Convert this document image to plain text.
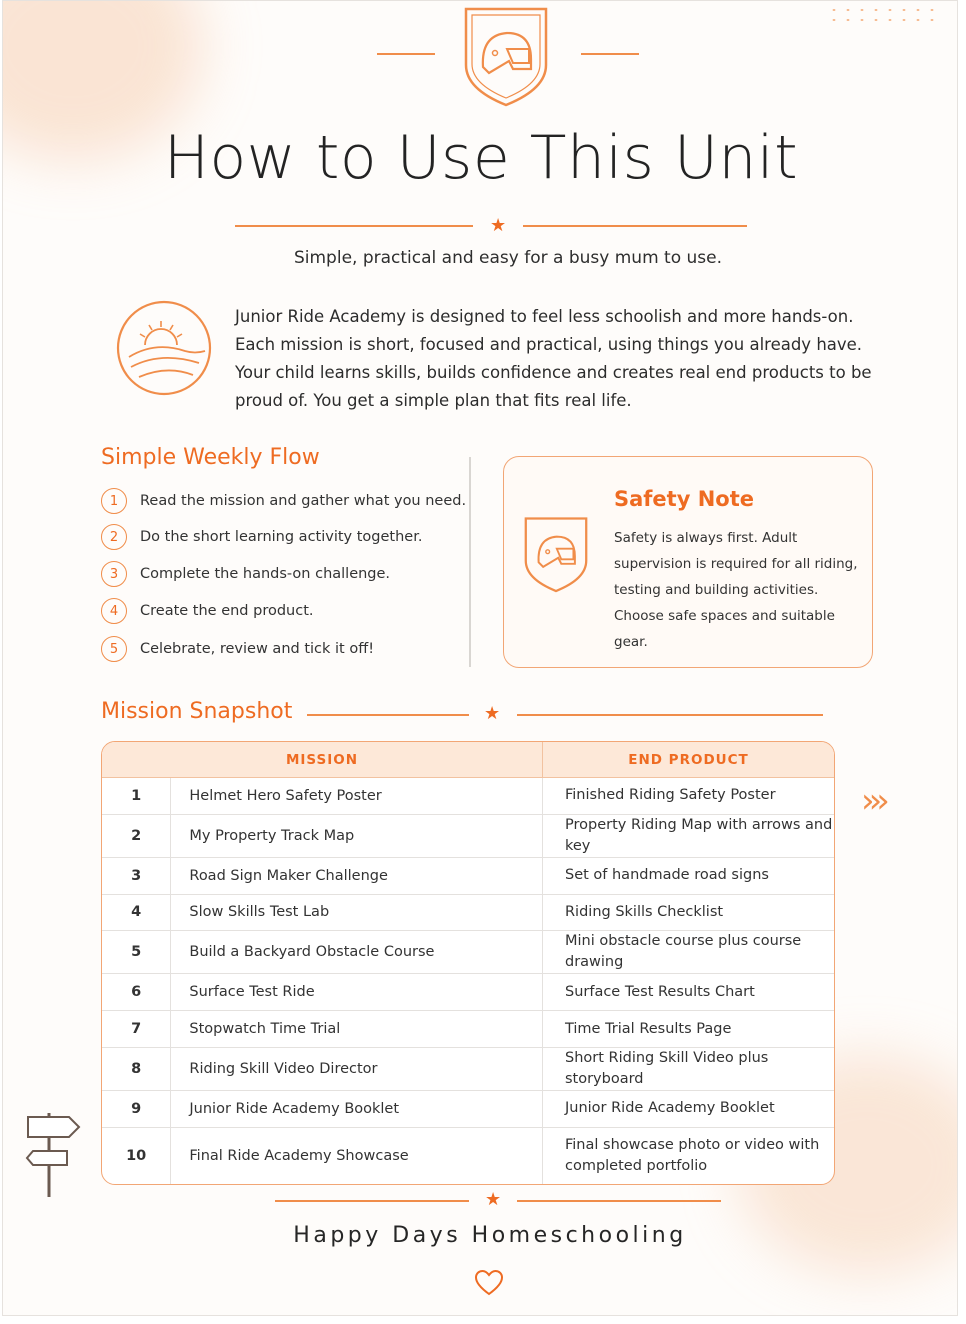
How to Use This Unit
★
Simple, practical and easy for a busy mum to use.
Junior Ride Academy is designed to feel less schoolish and more hands-on. Each mission is short, focused and practical, using things you already have. Your child learns skills, builds confidence and creates real end products to be proud of. You get a simple plan that fits real life.
Simple Weekly Flow
1	Read the mission and gather what you need.
2	Do the short learning activity together.
3	Complete the hands-on challenge.
4	Create the end product.
5	Celebrate, review and tick it off!
Safety Note
Safety is always first. Adult supervision is required for all riding, testing and building activities. Choose safe spaces and suitable gear.
Mission Snapshot	★
MISSION		END PRODUCT
1	Helmet Hero Safety Poster	Finished Riding Safety Poster
2	My Property Track Map	Property Riding Map with arrows and key
3	Road Sign Maker Challenge	Set of handmade road signs
4	Slow Skills Test Lab	Riding Skills Checklist
5	Build a Backyard Obstacle Course	Mini obstacle course plus course drawing
6	Surface Test Ride	Surface Test Results Chart
7	Stopwatch Time Trial	Time Trial Results Page
8	Riding Skill Video Director	Short Riding Skill Video plus storyboard
9	Junior Ride Academy Booklet	Junior Ride Academy Booklet
10	Final Ride Academy Showcase	Final showcase photo or video with completed portfolio
›››
★
Happy Days Homeschooling
